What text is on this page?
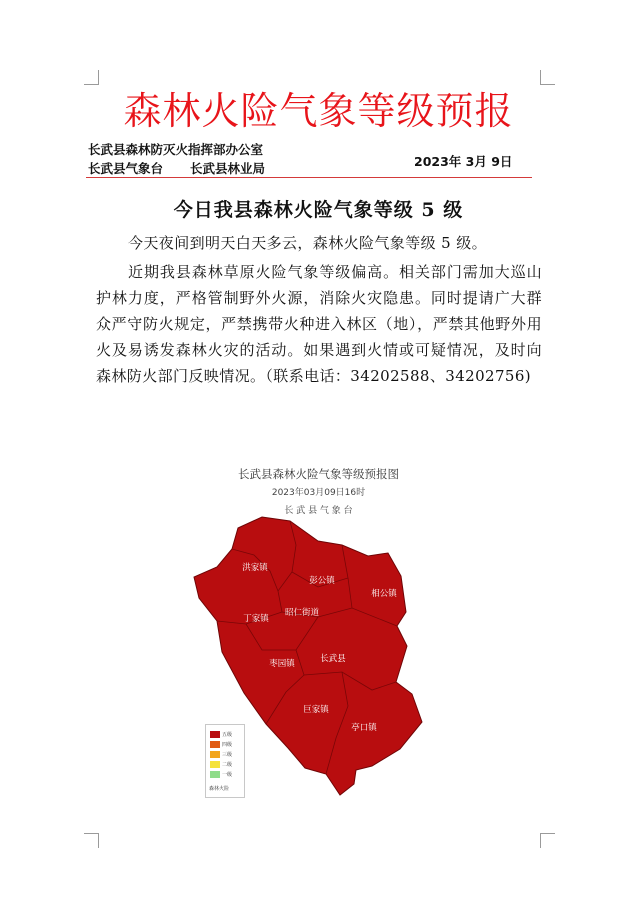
森林火险气象等级预报
长武县森林防灭火指挥部办公室
长武县气象台 长武县林业局	2023年 3月 9日
今日我县森林火险气象等级 5 级
今天夜间到明天白天多云，森林火险气象等级 5 级。
近期我县森林草原火险气象等级偏高。相关部门需加大巡山护林力度，严格管制野外火源，消除火灾隐患。同时提请广大群众严守防火规定，严禁携带火种进入林区（地），严禁其他野外用火及易诱发森林火灾的活动。如果遇到火情或可疑情况，及时向森林防火部门反映情况。（联系电话：34202588、34202756)
长武县森林火险气象等级预报图
2023年03月09日16时
长 武 县 气 象 台
洪家镇
彭公镇
相公镇
昭仁街道
丁家镇
枣园镇	长武县
巨家镇
亭口镇
五级
四级
三级
二级
一级
森林火险
